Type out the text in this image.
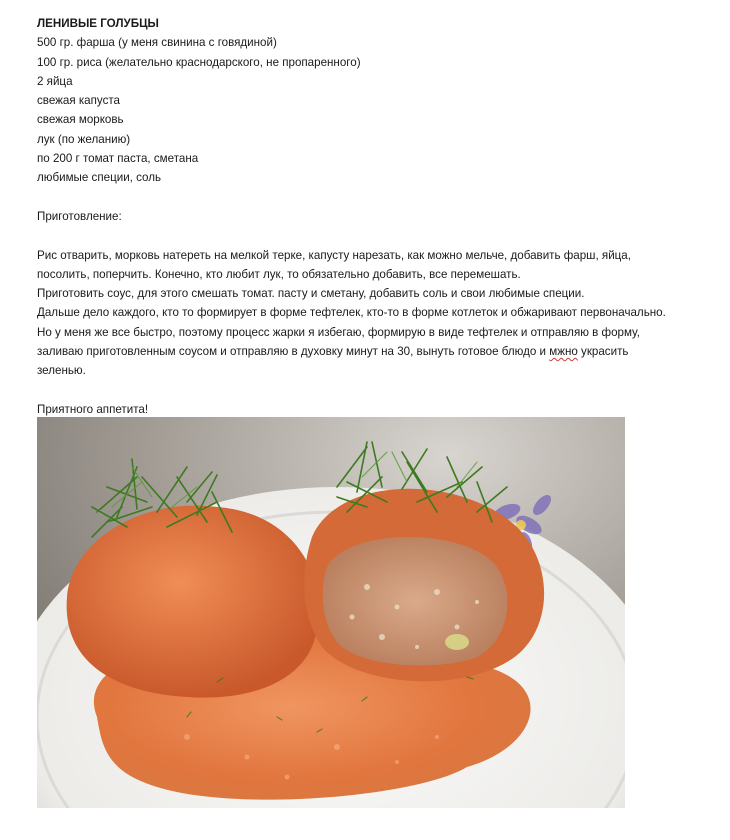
ЛЕНИВЫЕ ГОЛУБЦЫ
500 гр. фарша (у меня свинина с говядиной)
100 гр. риса (желательно краснодарского, не пропаренного)
2 яйца
свежая капуста
свежая морковь
лук (по желанию)
по 200 г томат паста, сметана
любимые специи, соль
Приготовление:
Рис отварить, морковь натереть на мелкой терке, капусту нарезать, как можно мельче, добавить фарш, яйца,
посолить, поперчить. Конечно, кто любит лук, то обязательно добавить, все перемешать.
Приготовить соус, для этого смешать томат. пасту и сметану, добавить соль и свои любимые специи.
Дальше дело каждого, кто то формирует в форме тефтелек, кто-то в форме котлеток и обжаривают первоначально.
Но у меня же все быстро, поэтому процесс жарки я избегаю, формирую в виде тефтелек и отправляю в форму,
заливаю приготовленным соусом и отправляю в духовку минут на 30, вынуть готовое блюдо и мжно украсить
зеленью.
Приятного аппетита!
